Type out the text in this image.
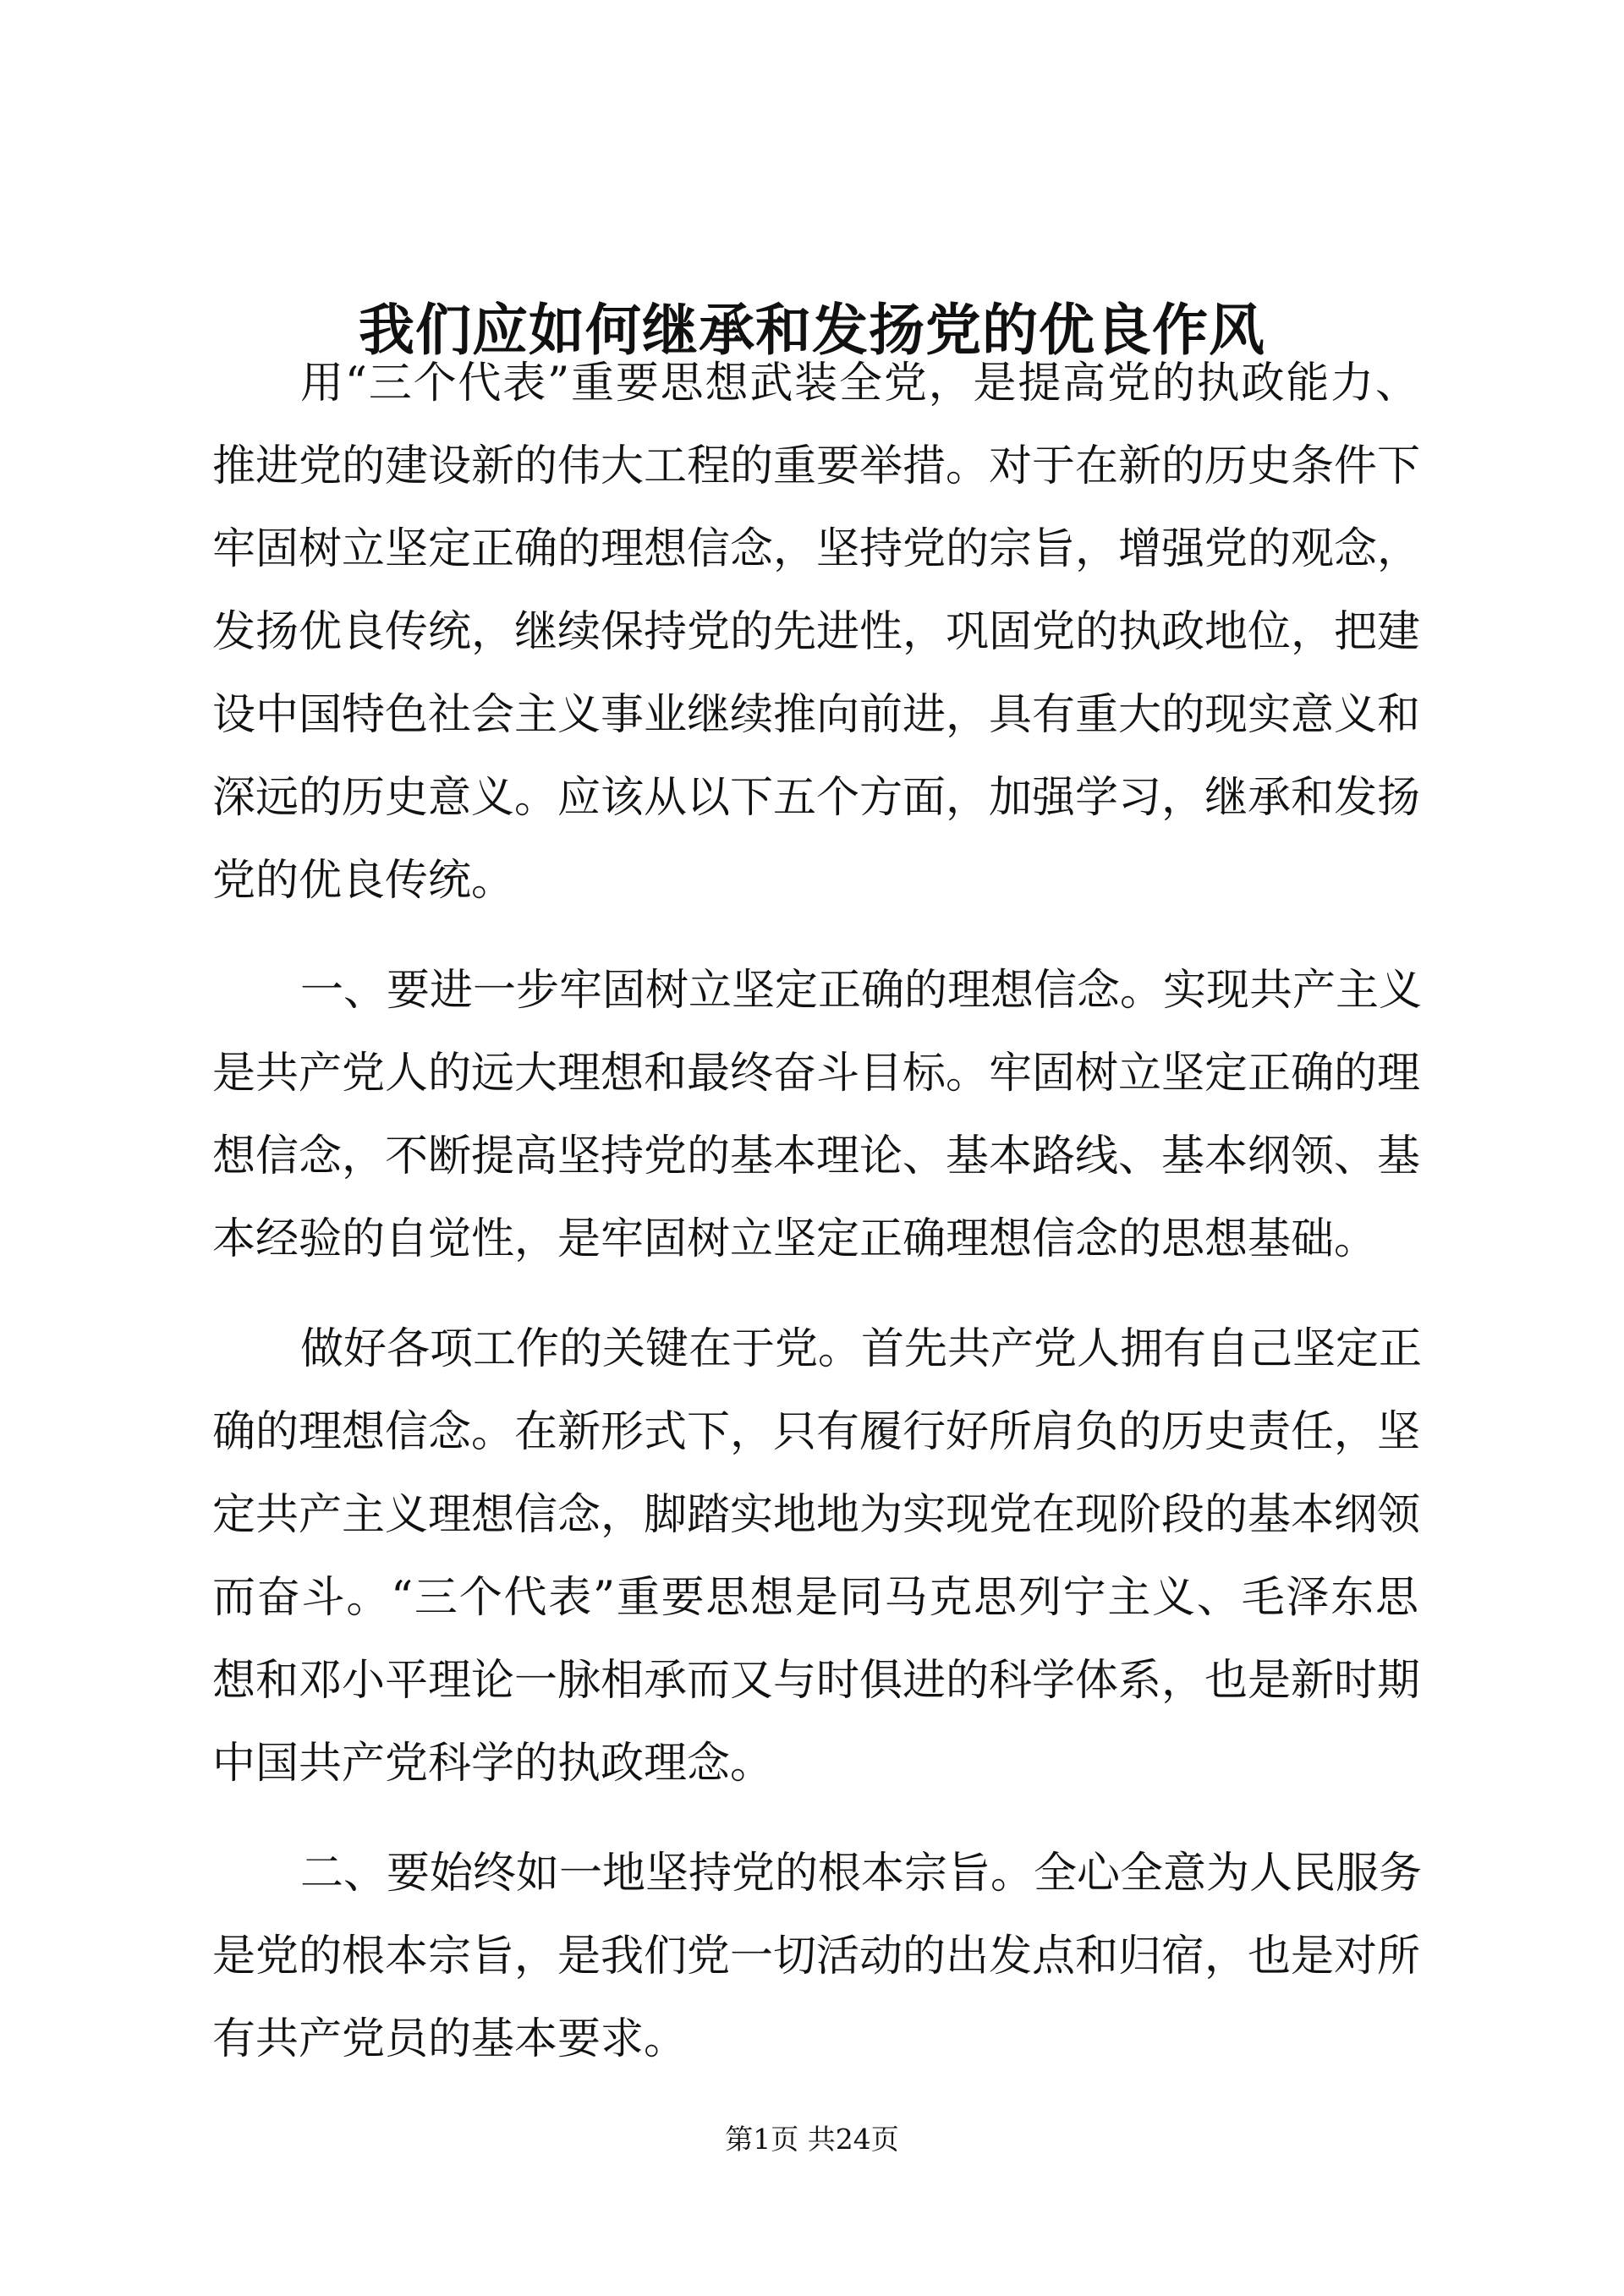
我们应如何继承和发扬党的优良作风
用“三个代表”重要思想武装全党，是提高党的执政能力、
推进党的建设新的伟大工程的重要举措。对于在新的历史条件下
牢固树立坚定正确的理想信念，坚持党的宗旨，增强党的观念，
发扬优良传统，继续保持党的先进性，巩固党的执政地位，把建
设中国特色社会主义事业继续推向前进，具有重大的现实意义和
深远的历史意义。应该从以下五个方面，加强学习，继承和发扬
党的优良传统。
一、要进一步牢固树立坚定正确的理想信念。实现共产主义
是共产党人的远大理想和最终奋斗目标。牢固树立坚定正确的理
想信念，不断提高坚持党的基本理论、基本路线、基本纲领、基
本经验的自觉性，是牢固树立坚定正确理想信念的思想基础。
做好各项工作的关键在于党。首先共产党人拥有自己坚定正
确的理想信念。在新形式下，只有履行好所肩负的历史责任，坚
定共产主义理想信念，脚踏实地地为实现党在现阶段的基本纲领
而奋斗。“三个代表”重要思想是同马克思列宁主义、毛泽东思
想和邓小平理论一脉相承而又与时俱进的科学体系，也是新时期
中国共产党科学的执政理念。
二、要始终如一地坚持党的根本宗旨。全心全意为人民服务
是党的根本宗旨，是我们党一切活动的出发点和归宿，也是对所
有共产党员的基本要求。
第1页 共24页
